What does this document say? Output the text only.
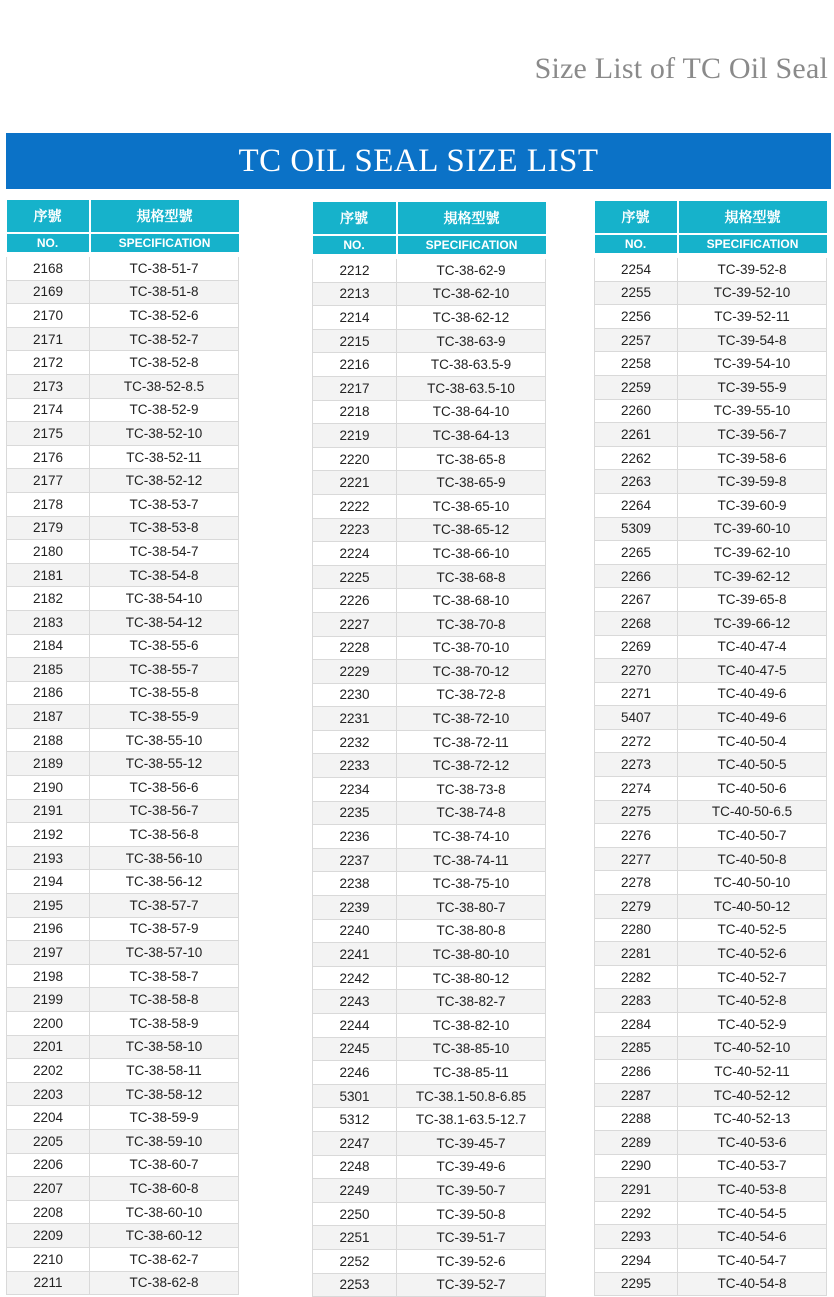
Size List of TC Oil Seal
TC OIL SEAL SIZE LIST
序號	規格型號
NO.	SPECIFICATION

2168	TC-38-51-7
2169	TC-38-51-8
2170	TC-38-52-6
2171	TC-38-52-7
2172	TC-38-52-8
2173	TC-38-52-8.5
2174	TC-38-52-9
2175	TC-38-52-10
2176	TC-38-52-11
2177	TC-38-52-12
2178	TC-38-53-7
2179	TC-38-53-8
2180	TC-38-54-7
2181	TC-38-54-8
2182	TC-38-54-10
2183	TC-38-54-12
2184	TC-38-55-6
2185	TC-38-55-7
2186	TC-38-55-8
2187	TC-38-55-9
2188	TC-38-55-10
2189	TC-38-55-12
2190	TC-38-56-6
2191	TC-38-56-7
2192	TC-38-56-8
2193	TC-38-56-10
2194	TC-38-56-12
2195	TC-38-57-7
2196	TC-38-57-9
2197	TC-38-57-10
2198	TC-38-58-7
2199	TC-38-58-8
2200	TC-38-58-9
2201	TC-38-58-10
2202	TC-38-58-11
2203	TC-38-58-12
2204	TC-38-59-9
2205	TC-38-59-10
2206	TC-38-60-7
2207	TC-38-60-8
2208	TC-38-60-10
2209	TC-38-60-12
2210	TC-38-62-7
2211	TC-38-62-8
序號	規格型號
NO.	SPECIFICATION

2212	TC-38-62-9
2213	TC-38-62-10
2214	TC-38-62-12
2215	TC-38-63-9
2216	TC-38-63.5-9
2217	TC-38-63.5-10
2218	TC-38-64-10
2219	TC-38-64-13
2220	TC-38-65-8
2221	TC-38-65-9
2222	TC-38-65-10
2223	TC-38-65-12
2224	TC-38-66-10
2225	TC-38-68-8
2226	TC-38-68-10
2227	TC-38-70-8
2228	TC-38-70-10
2229	TC-38-70-12
2230	TC-38-72-8
2231	TC-38-72-10
2232	TC-38-72-11
2233	TC-38-72-12
2234	TC-38-73-8
2235	TC-38-74-8
2236	TC-38-74-10
2237	TC-38-74-11
2238	TC-38-75-10
2239	TC-38-80-7
2240	TC-38-80-8
2241	TC-38-80-10
2242	TC-38-80-12
2243	TC-38-82-7
2244	TC-38-82-10
2245	TC-38-85-10
2246	TC-38-85-11
5301	TC-38.1-50.8-6.85
5312	TC-38.1-63.5-12.7
2247	TC-39-45-7
2248	TC-39-49-6
2249	TC-39-50-7
2250	TC-39-50-8
2251	TC-39-51-7
2252	TC-39-52-6
2253	TC-39-52-7
序號	規格型號
NO.	SPECIFICATION

2254	TC-39-52-8
2255	TC-39-52-10
2256	TC-39-52-11
2257	TC-39-54-8
2258	TC-39-54-10
2259	TC-39-55-9
2260	TC-39-55-10
2261	TC-39-56-7
2262	TC-39-58-6
2263	TC-39-59-8
2264	TC-39-60-9
5309	TC-39-60-10
2265	TC-39-62-10
2266	TC-39-62-12
2267	TC-39-65-8
2268	TC-39-66-12
2269	TC-40-47-4
2270	TC-40-47-5
2271	TC-40-49-6
5407	TC-40-49-6
2272	TC-40-50-4
2273	TC-40-50-5
2274	TC-40-50-6
2275	TC-40-50-6.5
2276	TC-40-50-7
2277	TC-40-50-8
2278	TC-40-50-10
2279	TC-40-50-12
2280	TC-40-52-5
2281	TC-40-52-6
2282	TC-40-52-7
2283	TC-40-52-8
2284	TC-40-52-9
2285	TC-40-52-10
2286	TC-40-52-11
2287	TC-40-52-12
2288	TC-40-52-13
2289	TC-40-53-6
2290	TC-40-53-7
2291	TC-40-53-8
2292	TC-40-54-5
2293	TC-40-54-6
2294	TC-40-54-7
2295	TC-40-54-8
